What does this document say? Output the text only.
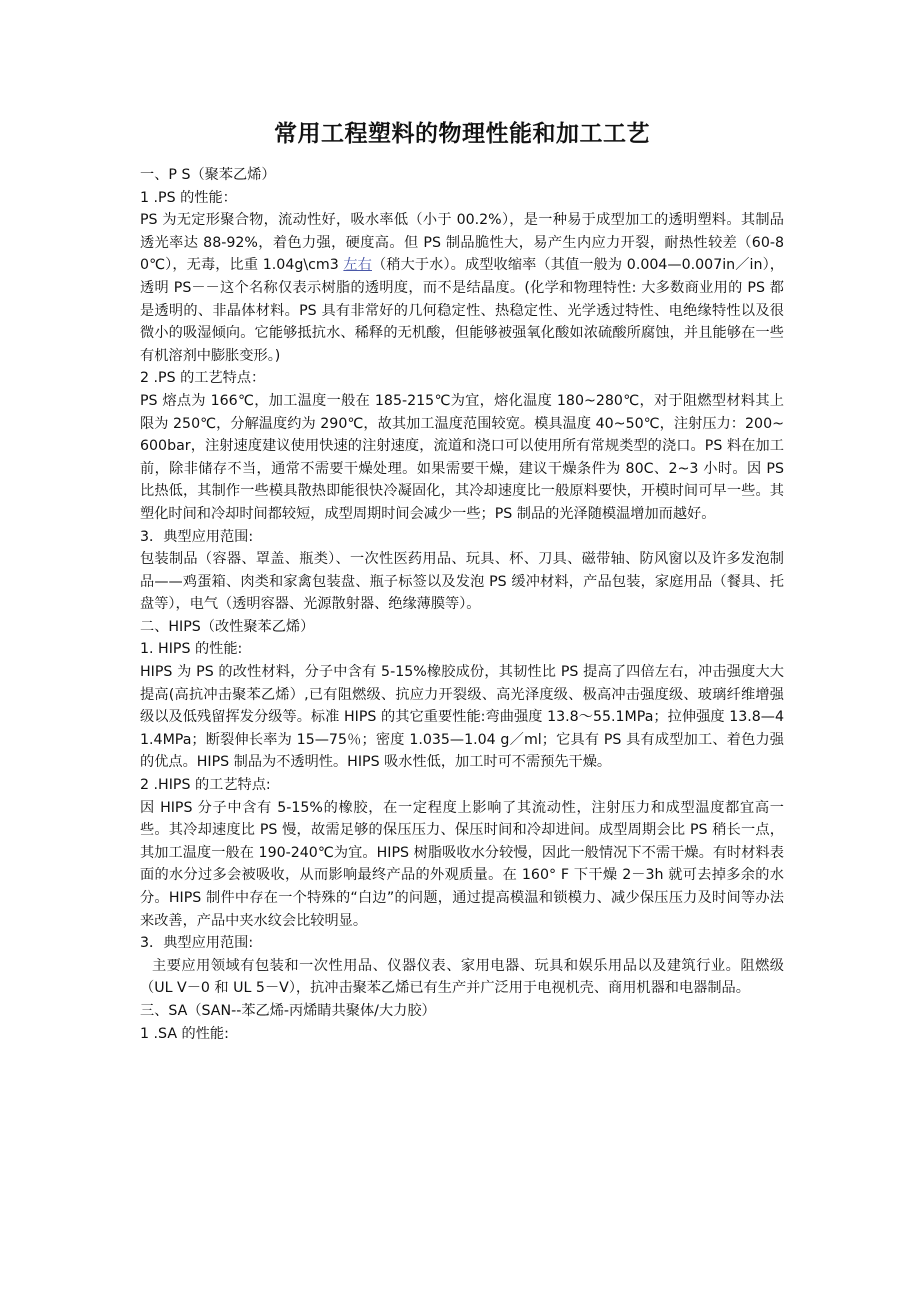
常用工程塑料的物理性能和加工工艺

一、P S（聚苯乙烯）

1 .PS 的性能：

PS 为无定形聚合物，流动性好，吸水率低（小于 00.2%），是一种易于成型加工的透明塑料。其制品透光率达 88-92%，着色力强，硬度高。但 PS 制品脆性大，易产生内应力开裂，耐热性较差（60-80℃），无毒，比重 1.04g\cm3 左右（稍大于水）。成型收缩率（其值一般为 0.004—0.007in／in），透明 PS－－这个名称仅表示树脂的透明度，而不是结晶度。(化学和物理特性: 大多数商业用的 PS 都是透明的、非晶体材料。PS 具有非常好的几何稳定性、热稳定性、光学透过特性、电绝缘特性以及很微小的吸湿倾向。它能够抵抗水、稀释的无机酸，但能够被强氧化酸如浓硫酸所腐蚀，并且能够在一些有机溶剂中膨胀变形。)

2 .PS 的工艺特点：

PS 熔点为 166℃，加工温度一般在 185-215℃为宜，熔化温度 180~280℃，对于阻燃型材料其上限为 250℃，分解温度约为 290℃，故其加工温度范围较宽。模具温度 40~50℃，注射压力：200~600bar，注射速度建议使用快速的注射速度，流道和浇口可以使用所有常规类型的浇口。PS 料在加工前，除非储存不当，通常不需要干燥处理。如果需要干燥，建议干燥条件为 80C、2~3 小时。因 PS 比热低，其制作一些模具散热即能很快冷凝固化，其冷却速度比一般原料要快，开模时间可早一些。其塑化时间和冷却时间都较短，成型周期时间会减少一些；PS 制品的光泽随模温增加而越好。

3．典型应用范围:

包装制品（容器、罩盖、瓶类）、一次性医药用品、玩具、杯、刀具、磁带轴、防风窗以及许多发泡制品——鸡蛋箱、肉类和家禽包装盘、瓶子标签以及发泡 PS 缓冲材料，产品包装，家庭用品（餐具、托盘等），电气（透明容器、光源散射器、绝缘薄膜等）。

二、HIPS（改性聚苯乙烯）

1. HIPS 的性能:

HIPS 为 PS 的改性材料，分子中含有 5-15%橡胶成份，其韧性比 PS 提高了四倍左右，冲击强度大大提高(高抗冲击聚苯乙烯）,已有阻燃级、抗应力开裂级、高光泽度级、极高冲击强度级、玻璃纤维增强级以及低残留挥发分级等。标准 HIPS 的其它重要性能:弯曲强度 13.8～55.1MPa；拉伸强度 13.8—41.4MPa；断裂伸长率为 15—75％；密度 1.035—1.04 g／ml；它具有 PS 具有成型加工、着色力强的优点。HIPS 制品为不透明性。HIPS 吸水性低，加工时可不需预先干燥。

2 .HIPS 的工艺特点:

因 HIPS 分子中含有 5-15%的橡胶，在一定程度上影响了其流动性，注射压力和成型温度都宜高一些。其冷却速度比 PS 慢，故需足够的保压压力、保压时间和冷却进间。成型周期会比 PS 稍长一点，其加工温度一般在 190-240℃为宜。HIPS 树脂吸收水分较慢，因此一般情况下不需干燥。有时材料表面的水分过多会被吸收，从而影响最终产品的外观质量。在 160° F 下干燥 2－3h 就可去掉多余的水分。HIPS 制件中存在一个特殊的“白边”的问题，通过提高模温和锁模力、减少保压压力及时间等办法来改善，产品中夹水纹会比较明显。

3．典型应用范围:

主要应用领域有包装和一次性用品、仪器仪表、家用电器、玩具和娱乐用品以及建筑行业。阻燃级（UL V－0 和 UL 5－V），抗冲击聚苯乙烯已有生产并广泛用于电视机壳、商用机器和电器制品。

三、SA（SAN--苯乙烯-丙烯睛共聚体/大力胶）

1 .SA 的性能:
